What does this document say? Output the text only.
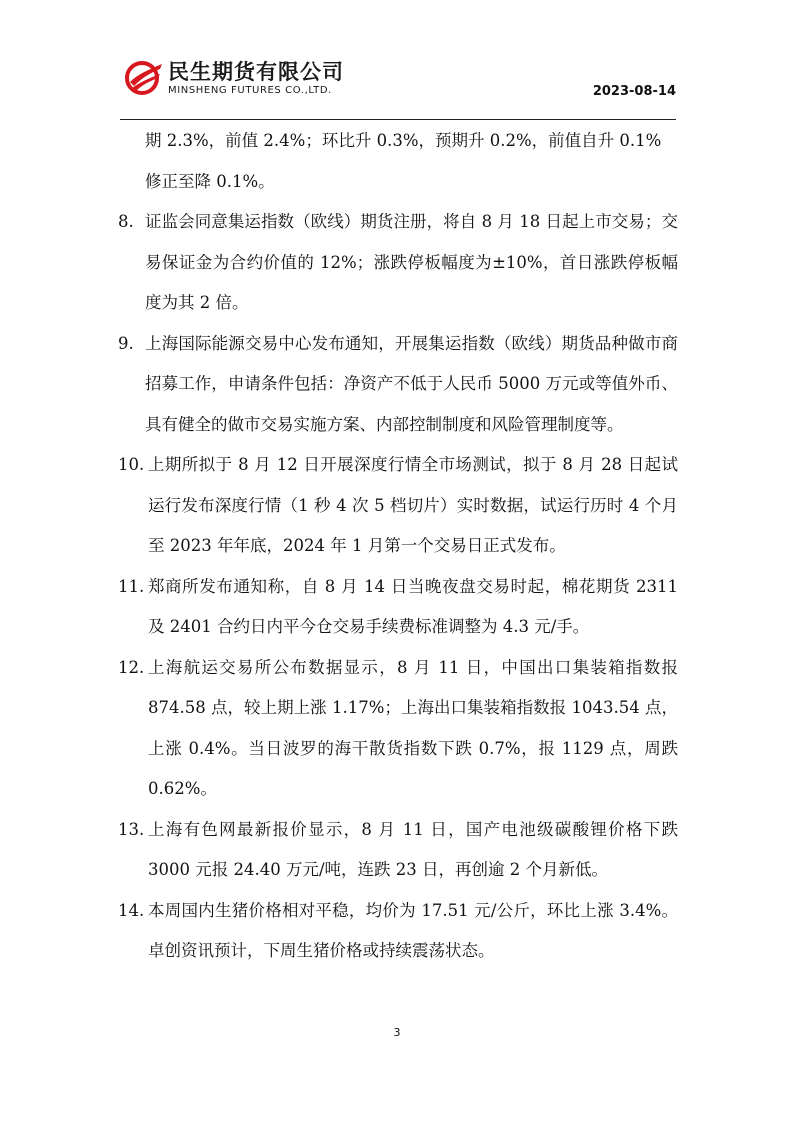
民生期货有限公司
MINSHENG FUTURES CO.,LTD.	2023-08-14

期 2.3%，前值 2.4%；环比升 0.3%，预期升 0.2%，前值自升 0.1% 修正至降 0.1%。

8. 证监会同意集运指数（欧线）期货注册，将自 8 月 18 日起上市交易；交易保证金为合约价值的 12%；涨跌停板幅度为±10%，首日涨跌停板幅度为其 2 倍。
9. 上海国际能源交易中心发布通知，开展集运指数（欧线）期货品种做市商招募工作，申请条件包括：净资产不低于人民币 5000 万元或等值外币、具有健全的做市交易实施方案、内部控制制度和风险管理制度等。
10. 上期所拟于 8 月 12 日开展深度行情全市场测试，拟于 8 月 28 日起试运行发布深度行情（1 秒 4 次 5 档切片）实时数据，试运行历时 4 个月至 2023 年年底，2024 年 1 月第一个交易日正式发布。
11. 郑商所发布通知称，自 8 月 14 日当晚夜盘交易时起，棉花期货 2311 及 2401 合约日内平今仓交易手续费标准调整为 4.3 元/手。
12. 上海航运交易所公布数据显示，8 月 11 日，中国出口集装箱指数报 874.58 点，较上期上涨 1.17%；上海出口集装箱指数报 1043.54 点，上涨 0.4%。当日波罗的海干散货指数下跌 0.7%，报 1129 点，周跌 0.62%。
13. 上海有色网最新报价显示，8 月 11 日，国产电池级碳酸锂价格下跌 3000 元报 24.40 万元/吨，连跌 23 日，再创逾 2 个月新低。
14. 本周国内生猪价格相对平稳，均价为 17.51 元/公斤，环比上涨 3.4%。卓创资讯预计，下周生猪价格或持续震荡状态。
3
